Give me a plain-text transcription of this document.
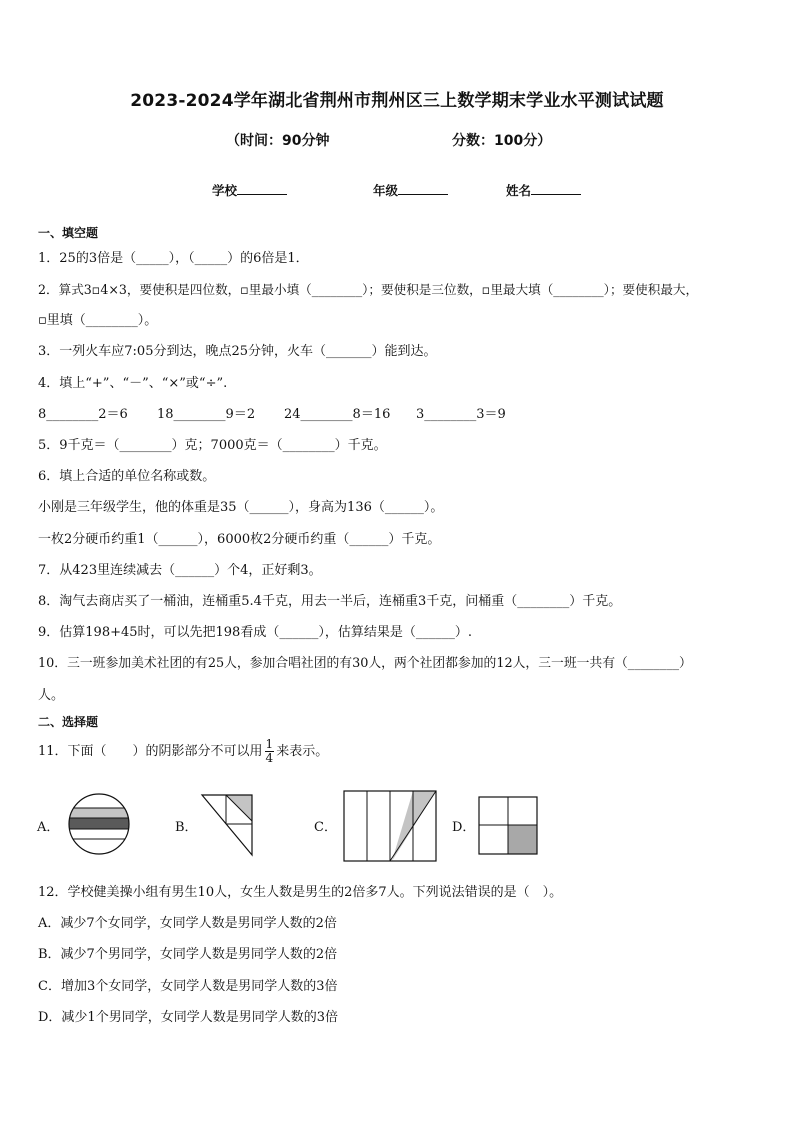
2023-2024学年湖北省荆州市荆州区三上数学期末学业水平测试试题
（时间：90分钟	分数：100分）
学校	年级	姓名
一、填空题
1．25的3倍是（_____），（_____）的6倍是1．
2．算式3▫4×3，要使积是四位数，▫里最小填（________）；要使积是三位数，▫里最大填（________）；要使积最大，
▫里填（________）。
3．一列火车应7:05分到达，晚点25分钟，火车（_______）能到达。
4．填上“+”、“－”、“×”或“÷”.
8________2＝6 18________9＝2 24________8＝16 3________3＝9
5．9千克＝（________）克；7000克＝（________）千克。
6．填上合适的单位名称或数。
小刚是三年级学生，他的体重是35（______），身高为136（______）。
一枚2分硬币约重1（______），6000枚2分硬币约重（______）千克。
7．从423里连续减去（______）个4，正好剩3。
8．淘气去商店买了一桶油，连桶重5.4千克，用去一半后，连桶重3千克，问桶重（________）千克。
9．估算198+45时，可以先把198看成（______），估算结果是（______）.
10．三一班参加美术社团的有25人，参加合唱社团的有30人，两个社团都参加的12人，三一班一共有（________）
人。
二、选择题
11．下面（　　）的阴影部分不可以用 $\frac{1}{4}$ 来表示。
A．	B．	C．	D．
12．学校健美操小组有男生10人，女生人数是男生的2倍多7人。下列说法错误的是（　）。
A．减少7个女同学，女同学人数是男同学人数的2倍
B．减少7个男同学，女同学人数是男同学人数的2倍
C．增加3个女同学，女同学人数是男同学人数的3倍
D．减少1个男同学，女同学人数是男同学人数的3倍
